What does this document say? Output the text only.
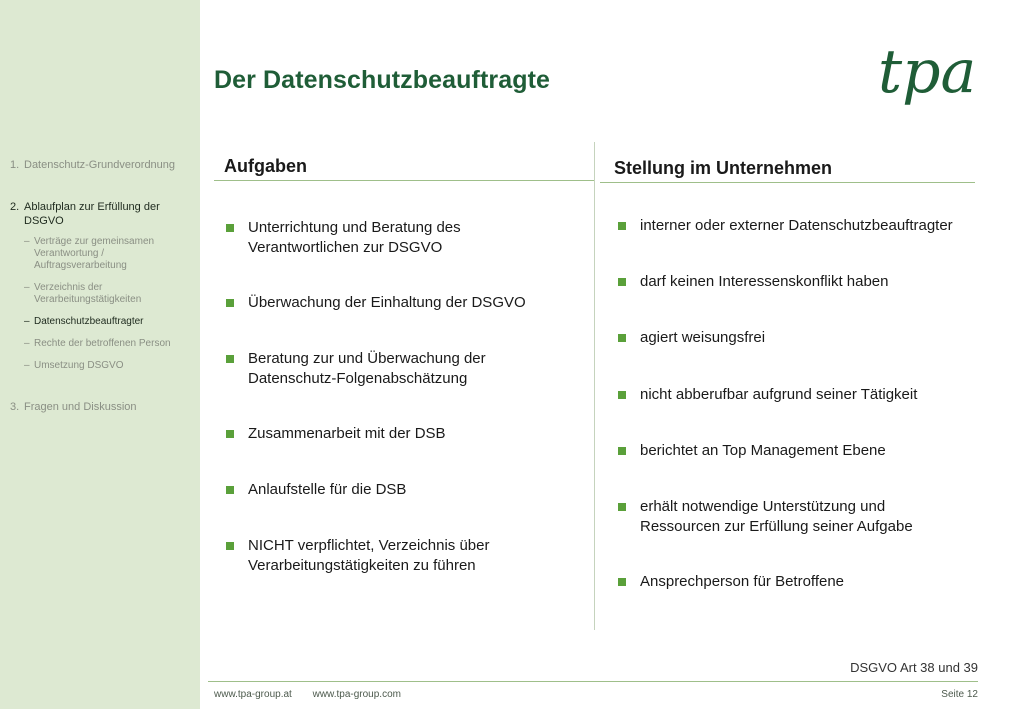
1. Datenschutz-Grundverordnung
2. Ablaufplan zur Erfüllung der DSGVO
– Verträge zur gemeinsamen Verantwortung / Auftragsverarbeitung
– Verzeichnis der Verarbeitungstätigkeiten
– Datenschutzbeauftragter
– Rechte der betroffenen Person
– Umsetzung DSGVO
3. Fragen und Diskussion
Der Datenschutzbeauftragte	tpa
Aufgaben
Unterrichtung und Beratung des
Verantwortlichen zur DSGVO
Überwachung der Einhaltung der DSGVO
Beratung zur und Überwachung der
Datenschutz-Folgenabschätzung
Zusammenarbeit mit der DSB
Anlaufstelle für die DSB
NICHT verpflichtet, Verzeichnis über
Verarbeitungstätigkeiten zu führen
Stellung im Unternehmen
interner oder externer Datenschutzbeauftragter
darf keinen Interessenskonflikt haben
agiert weisungsfrei
nicht abberufbar aufgrund seiner Tätigkeit
berichtet an Top Management Ebene
erhält notwendige Unterstützung und
Ressourcen zur Erfüllung seiner Aufgabe
Ansprechperson für Betroffene
DSGVO Art 38 und 39
www.tpa-group.at www.tpa-group.com	Seite 12
